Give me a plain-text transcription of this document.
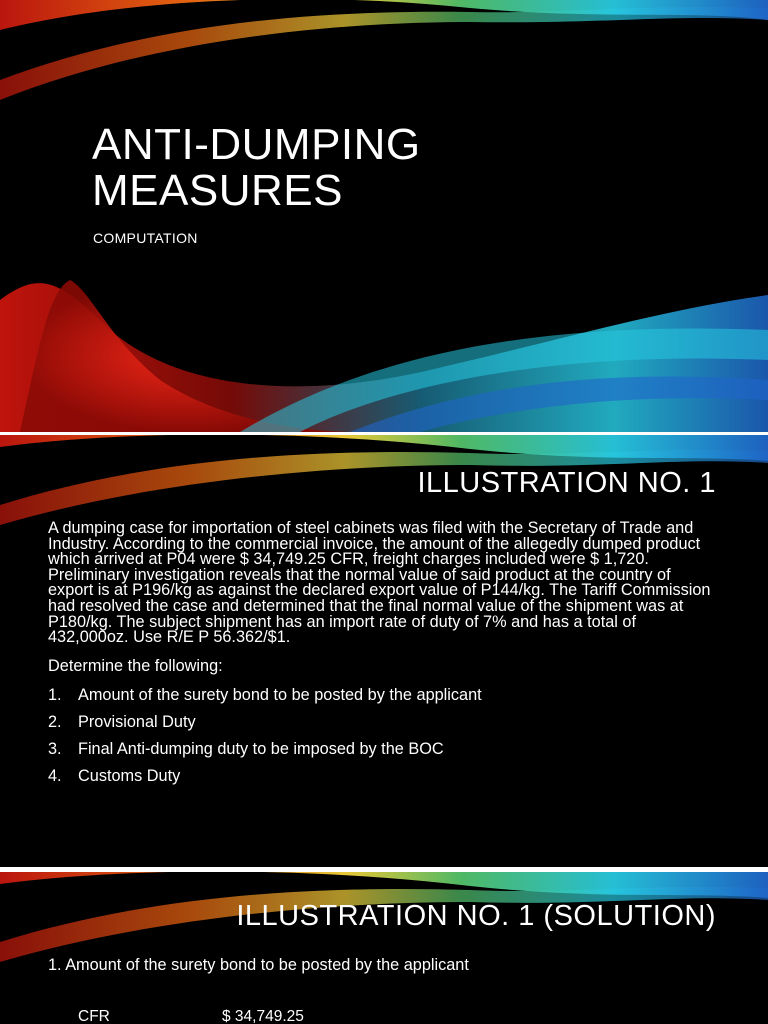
ANTI-DUMPING
MEASURES
COMPUTATION
ILLUSTRATION NO. 1

A dumping case for importation of steel cabinets was filed with the Secretary of Trade and Industry. According to the commercial invoice, the amount of the allegedly dumped product which arrived at P04 were $ 34,749.25 CFR, freight charges included were $ 1,720. Preliminary investigation reveals that the normal value of said product at the country of export is at P196/kg as against the declared export value of P144/kg. The Tariff Commission had resolved the case and determined that the final normal value of the shipment was at P180/kg. The subject shipment has an import rate of duty of 7% and has a total of 432,000oz. Use R/E P 56.362/$1.

Determine the following:

1.	Amount of the surety bond to be posted by the applicant
2.	Provisional Duty
3.	Final Anti-dumping duty to be imposed by the BOC
4.	Customs Duty
ILLUSTRATION NO. 1 (SOLUTION)
1. Amount of the surety bond to be posted by the applicant
CFR	$ 34,749.25
